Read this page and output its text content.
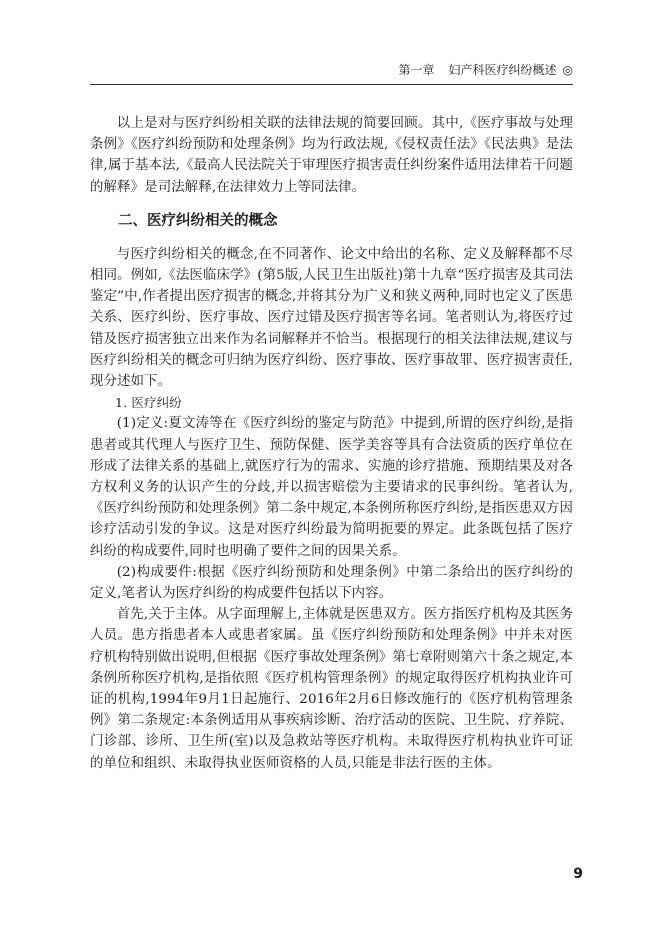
第一章 妇产科医疗纠纷概述 ◎

以上是对与医疗纠纷相关联的法律法规的简要回顾。其中,《医疗事故与处理条例》《医疗纠纷预防和处理条例》均为行政法规,《侵权责任法》《民法典》是法律,属于基本法,《最高人民法院关于审理医疗损害责任纠纷案件适用法律若干问题的解释》是司法解释,在法律效力上等同法律。

二、医疗纠纷相关的概念

与医疗纠纷相关的概念,在不同著作、论文中给出的名称、定义及解释都不尽相同。例如,《法医临床学》(第5版,人民卫生出版社)第十九章“医疗损害及其司法鉴定”中,作者提出医疗损害的概念,并将其分为广义和狭义两种,同时也定义了医患关系、医疗纠纷、医疗事故、医疗过错及医疗损害等名词。笔者则认为,将医疗过错及医疗损害独立出来作为名词解释并不恰当。根据现行的相关法律法规,建议与医疗纠纷相关的概念可归纳为医疗纠纷、医疗事故、医疗事故罪、医疗损害责任,现分述如下。

1. 医疗纠纷

(1)定义:夏文涛等在《医疗纠纷的鉴定与防范》中提到,所谓的医疗纠纷,是指患者或其代理人与医疗卫生、预防保健、医学美容等具有合法资质的医疗单位在形成了法律关系的基础上,就医疗行为的需求、实施的诊疗措施、预期结果及对各方权利义务的认识产生的分歧,并以损害赔偿为主要请求的民事纠纷。笔者认为,《医疗纠纷预防和处理条例》第二条中规定,本条例所称医疗纠纷,是指医患双方因诊疗活动引发的争议。这是对医疗纠纷最为简明扼要的界定。此条既包括了医疗纠纷的构成要件,同时也明确了要件之间的因果关系。

(2)构成要件:根据《医疗纠纷预防和处理条例》中第二条给出的医疗纠纷的定义,笔者认为医疗纠纷的构成要件包括以下内容。

首先,关于主体。从字面理解上,主体就是医患双方。医方指医疗机构及其医务人员。患方指患者本人或患者家属。虽《医疗纠纷预防和处理条例》中并未对医疗机构特别做出说明,但根据《医疗事故处理条例》第七章附则第六十条之规定,本条例所称医疗机构,是指依照《医疗机构管理条例》的规定取得医疗机构执业许可证的机构,1994年9月1日起施行、2016年2月6日修改施行的《医疗机构管理条例》第二条规定:本条例适用从事疾病诊断、治疗活动的医院、卫生院、疗养院、门诊部、诊所、卫生所(室)以及急救站等医疗机构。未取得医疗机构执业许可证的单位和组织、未取得执业医师资格的人员,只能是非法行医的主体。

9
